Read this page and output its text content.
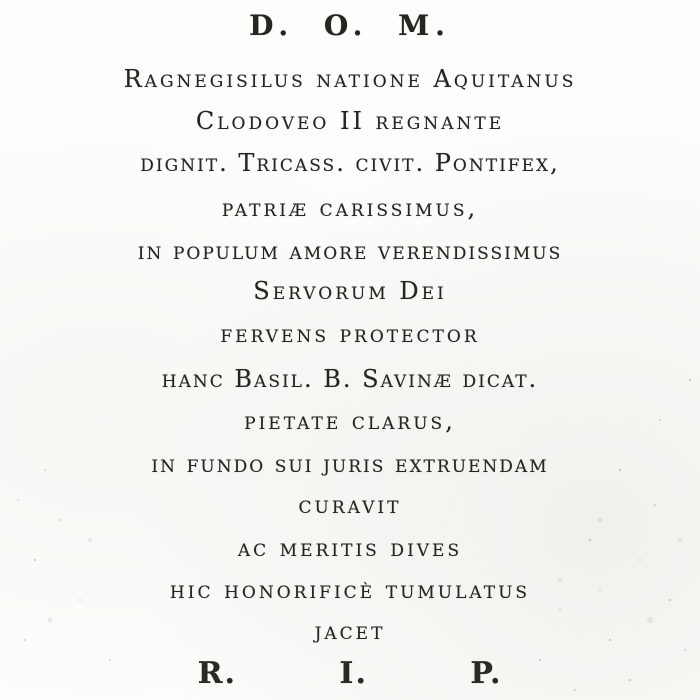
D. O. M.
Ragnegisilus natione Aquitanus
Clodoveo II regnante
dignit. Tricass. civit. Pontifex,
patriæ carissimus,
in populum amore verendissimus
Servorum Dei
fervens protector
hanc Basil. B. Savinæ dicat.
pietate clarus,
in fundo sui juris extruendam
curavit
ac meritis dives
hic honorificè tumulatus
jacet
R. I. P.
